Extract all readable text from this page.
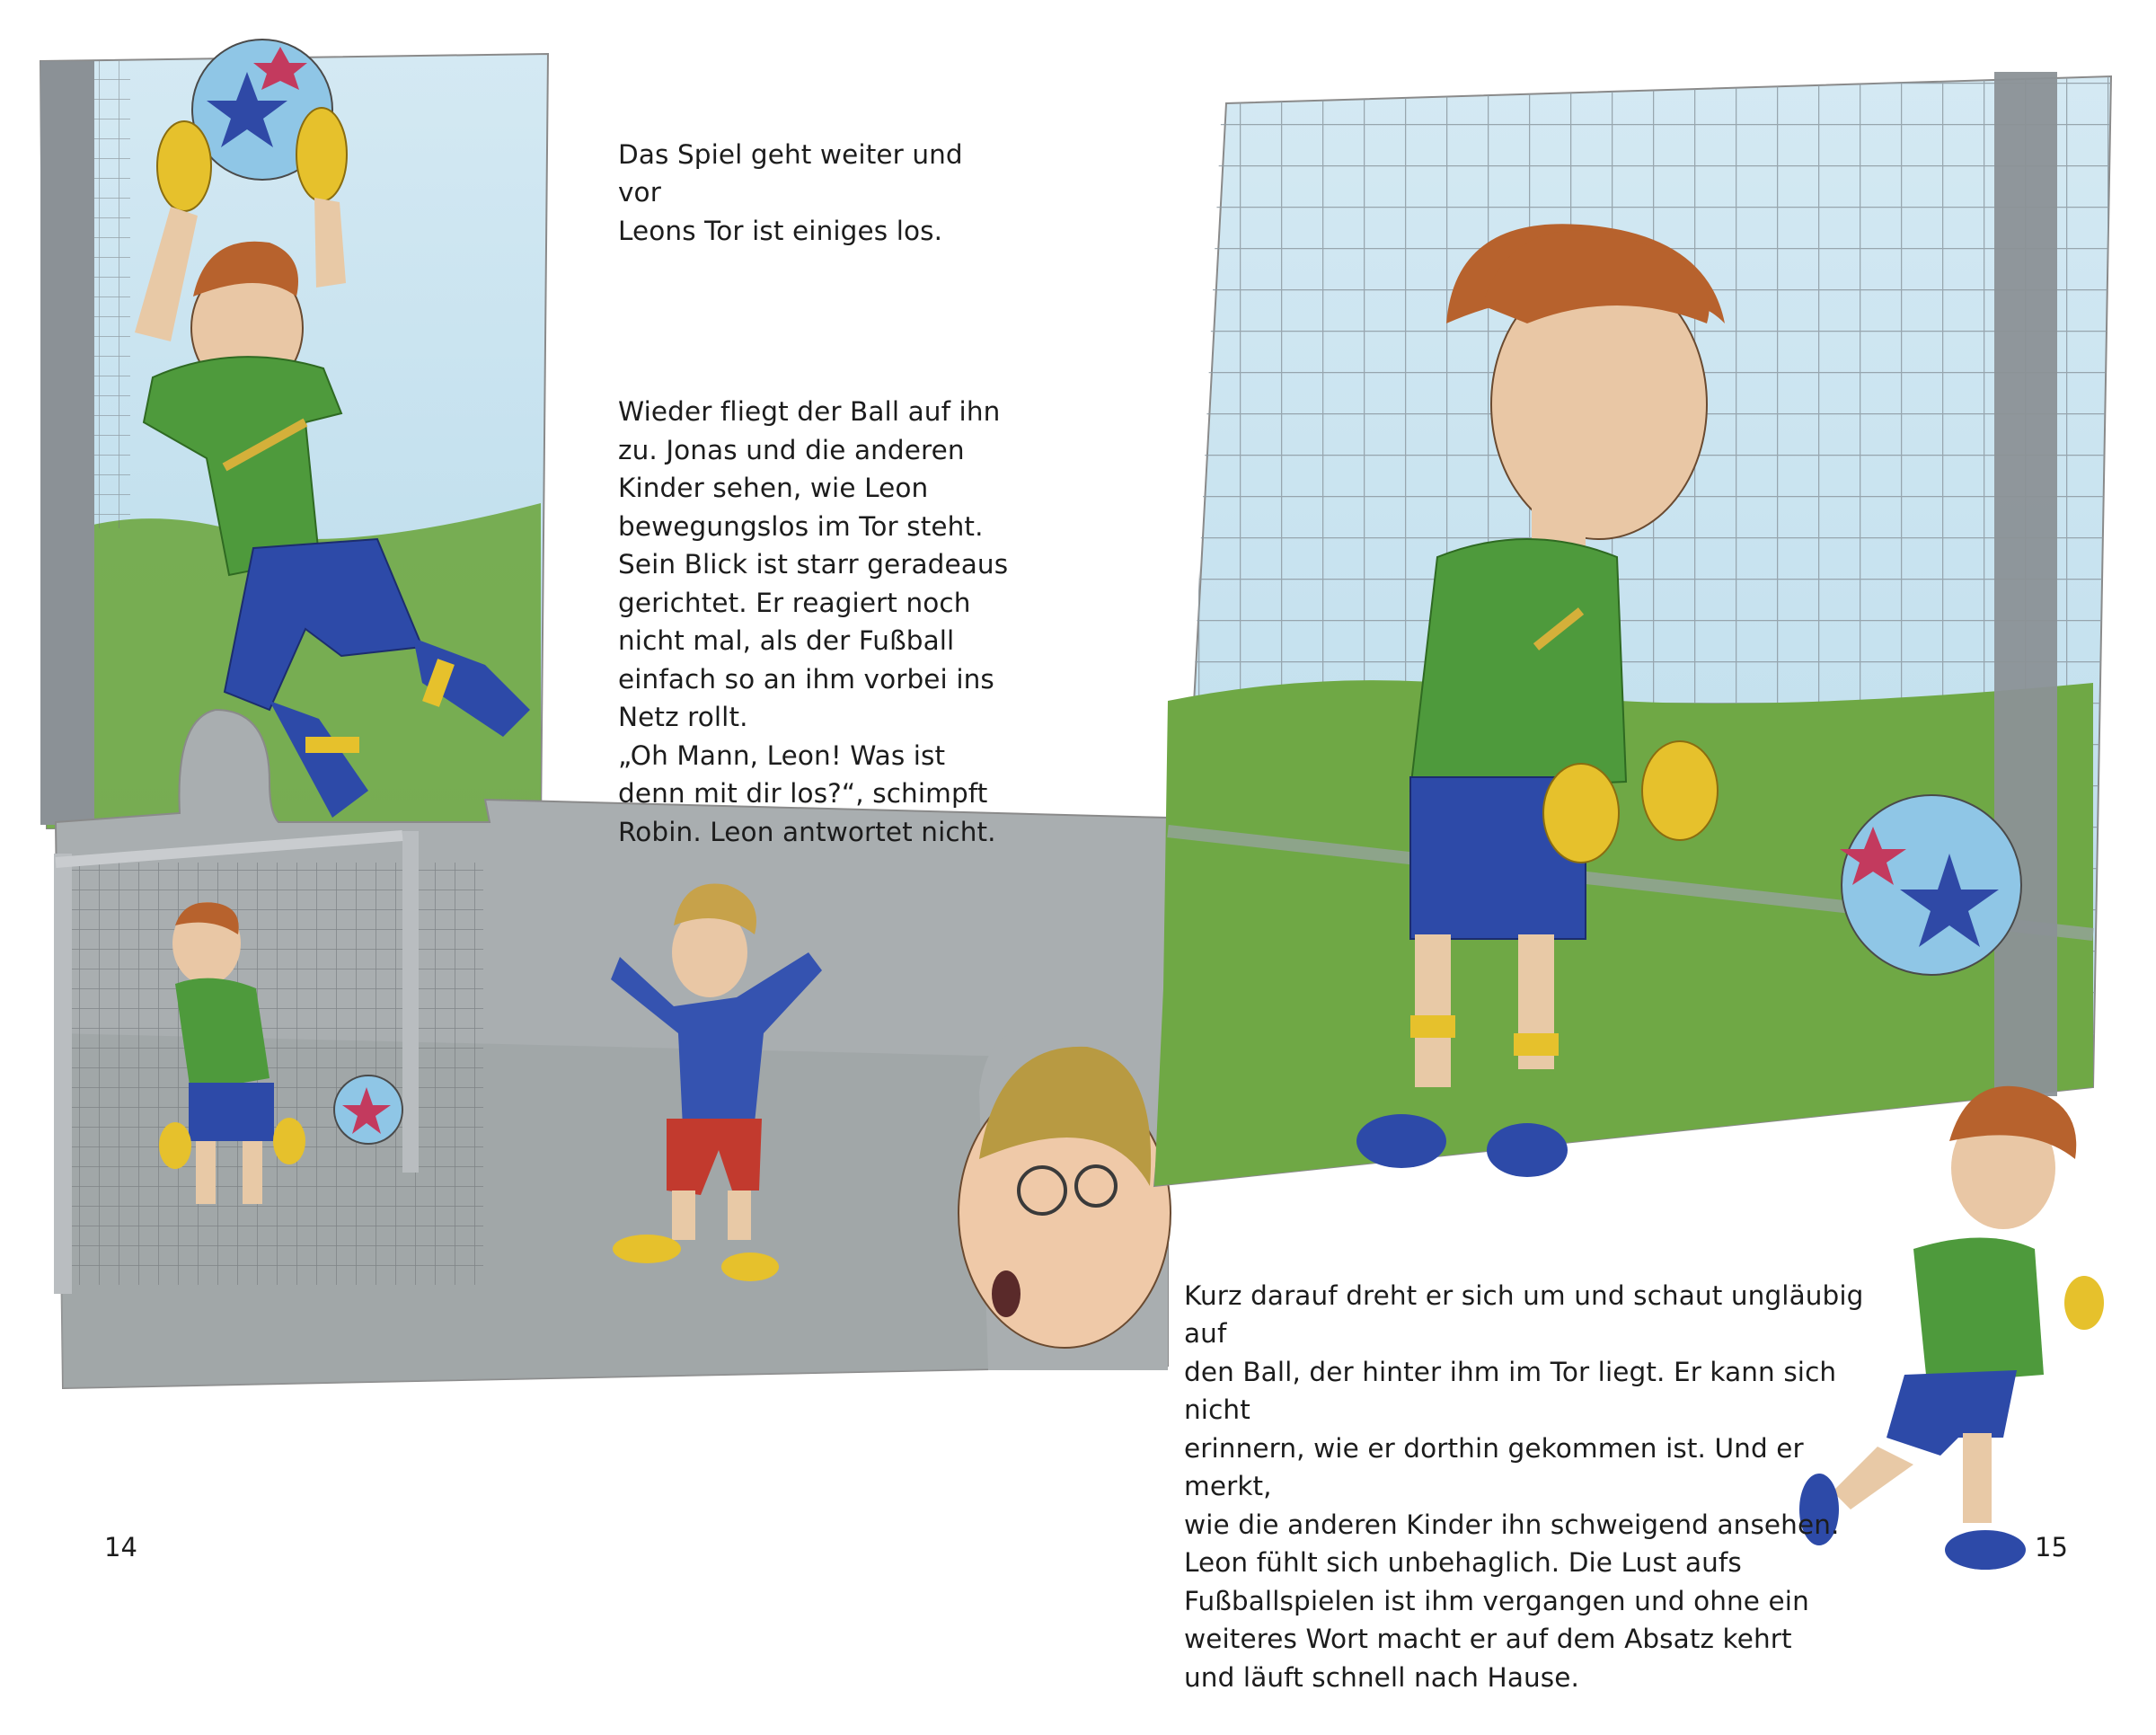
Das Spiel geht weiter und vor
Leons Tor ist einiges los.

Wieder fliegt der Ball auf ihn
zu. Jonas und die anderen
Kinder sehen, wie Leon
bewegungslos im Tor steht.
Sein Blick ist starr geradeaus
gerichtet. Er reagiert noch
nicht mal, als der Fußball
einfach so an ihm vorbei ins
Netz rollt.
„Oh Mann, Leon! Was ist
denn mit dir los?“, schimpft
Robin. Leon antwortet nicht.

Kurz darauf dreht er sich um und schaut ungläubig auf
den Ball, der hinter ihm im Tor liegt. Er kann sich nicht
erinnern, wie er dorthin gekommen ist. Und er merkt,
wie die anderen Kinder ihn schweigend ansehen.
Leon fühlt sich unbehaglich. Die Lust aufs
Fußballspielen ist ihm vergangen und ohne ein
weiteres Wort macht er auf dem Absatz kehrt
und läuft schnell nach Hause.

14	15
